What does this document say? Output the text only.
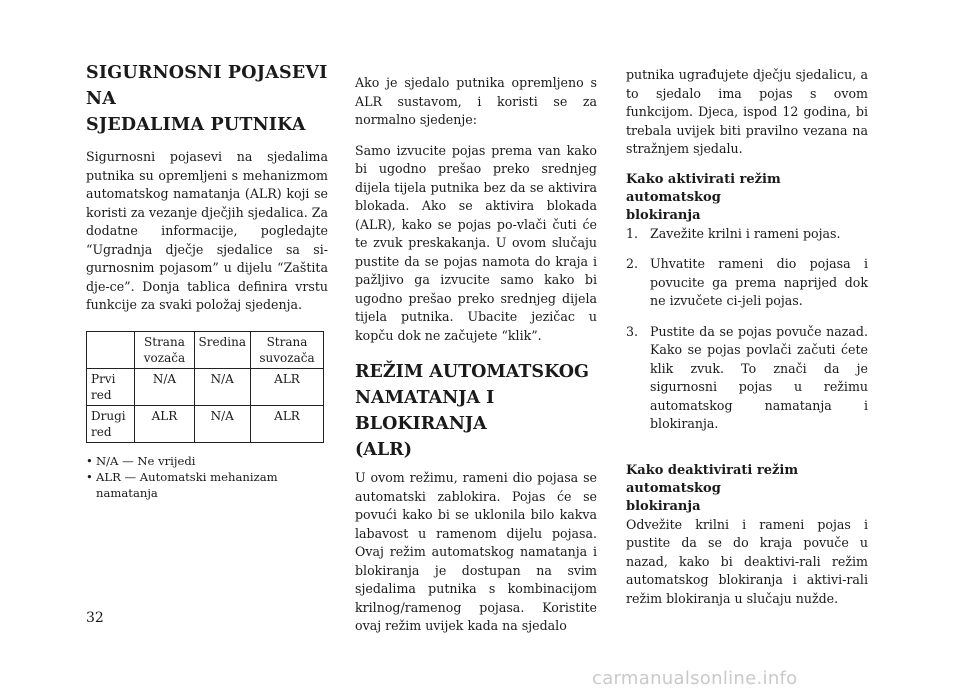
SIGURNOSNI POJASEVI NA
SJEDALIMA PUTNIKA

Sigurnosni pojasevi na sjedalima putnika su opremljeni s mehanizmom automatskog namatanja (ALR) koji se koristi za vezanje dječjih sjedalica. Za dodatne informacije, pogledajte “Ugradnja dječje sjedalice sa si-gurnosnim pojasom” u dijelu “Zaštita dje-ce”. Donja tablica definira vrstu funkcije za svaki položaj sjedenja.

	Strana vozača	Sredina	Strana suvozača
Prvi red	N/A	N/A	ALR
Drugi red	ALR	N/A	ALR
• N/A — Ne vrijedi
• ALR — Automatski mehanizam namatanja

Ako je sjedalo putnika opremljeno s ALR sustavom, i koristi se za normalno sjedenje:

Samo izvucite pojas prema van kako bi ugodno prešao preko srednjeg dijela tijela putnika bez da se aktivira blokada. Ako se aktivira blokada (ALR), kako se pojas po-vlači čuti će te zvuk preskakanja. U ovom slučaju pustite da se pojas namota do kraja i pažljivo ga izvucite samo kako bi ugodno prešao preko srednjeg dijela tijela putnika. Ubacite jezičac u kopču dok ne začujete “klik”.

REŽIM AUTOMATSKOG
NAMATANJA I BLOKIRANJA
(ALR)

U ovom režimu, rameni dio pojasa se automatski zablokira. Pojas će se povući kako bi se uklonila bilo kakva labavost u ramenom dijelu pojasa. Ovaj režim automatskog namatanja i blokiranja je dostupan na svim sjedalima putnika s kombinacijom krilnog/ramenog pojasa. Koristite ovaj režim uvijek kada na sjedalo

putnika ugrađujete dječju sjedalicu, a to sjedalo ima pojas s ovom funkcijom. Djeca, ispod 12 godina, bi trebala uvijek biti pravilno vezana na stražnjem sjedalu.

Kako aktivirati režim automatskog
blokiranja
1. Zavežite krilni i rameni pojas.
2. Uhvatite rameni dio pojasa i povucite ga prema naprijed dok ne izvučete ci-jeli pojas.
3. Pustite da se pojas povuče nazad. Kako se pojas povlači začuti ćete klik zvuk. To znači da je sigurnosni pojas u režimu automatskog namatanja i blokiranja.
Kako deaktivirati režim automatskog
blokiranja

Odvežite krilni i rameni pojas i pustite da se do kraja povuče u nazad, kako bi deaktivi-rali režim automatskog blokiranja i aktivi-rali režim blokiranja u slučaju nužde.

32
carmanualsonline.info
